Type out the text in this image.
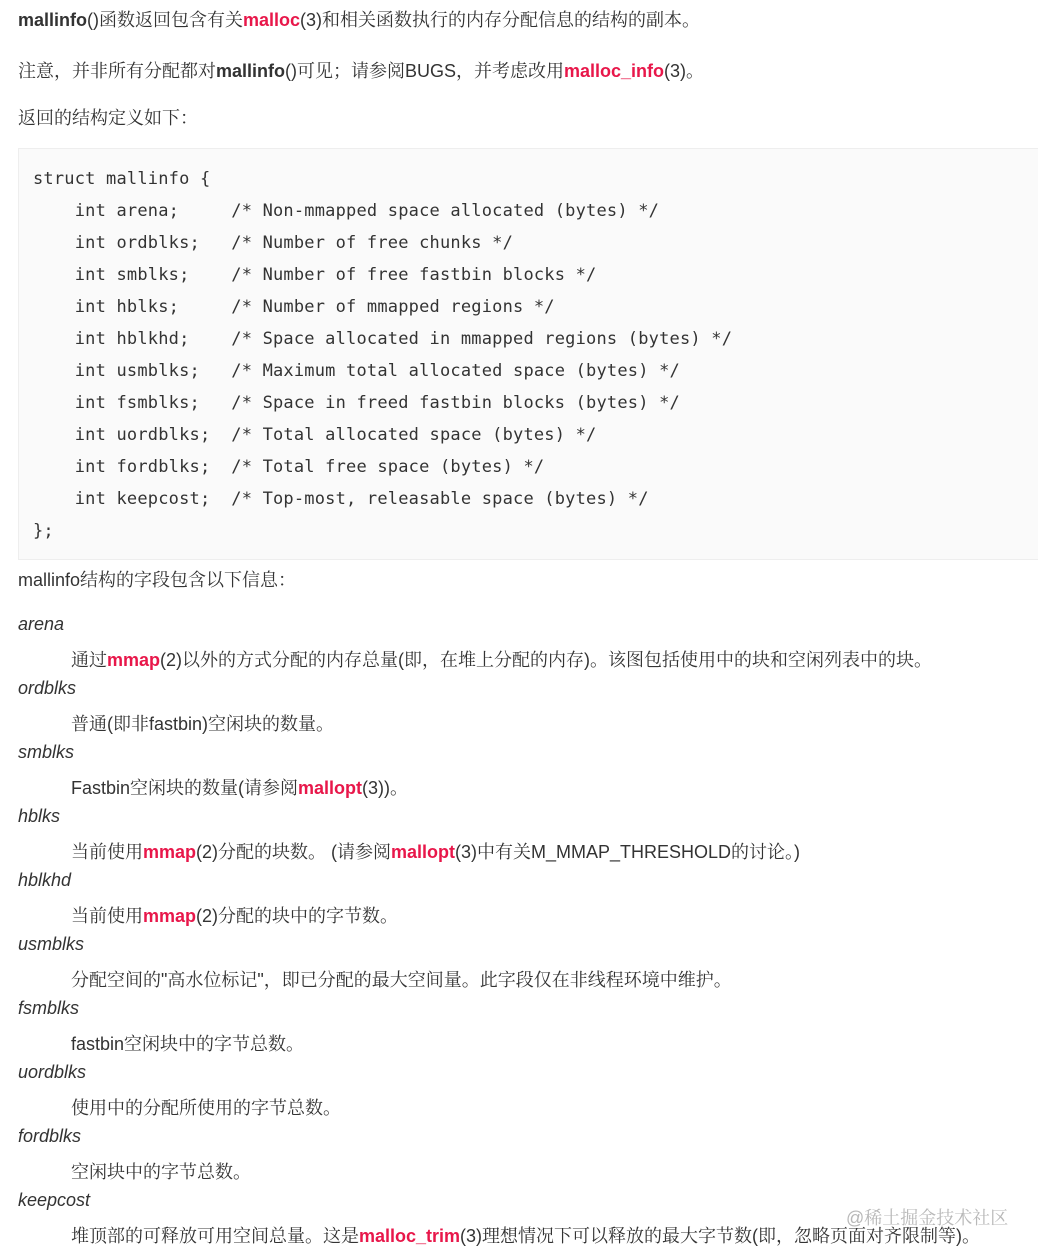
mallinfo()函数返回包含有关malloc(3)和相关函数执行的内存分配信息的结构的副本。
注意，并非所有分配都对mallinfo()可见；请参阅BUGS，并考虑改用malloc_info(3)。
返回的结构定义如下：
struct mallinfo {
int arena;     /* Non-mmapped space allocated (bytes) */
int ordblks;   /* Number of free chunks */
int smblks;    /* Number of free fastbin blocks */
int hblks;     /* Number of mmapped regions */
int hblkhd;    /* Space allocated in mmapped regions (bytes) */
int usmblks;   /* Maximum total allocated space (bytes) */
int fsmblks;   /* Space in freed fastbin blocks (bytes) */
int uordblks;  /* Total allocated space (bytes) */
int fordblks;  /* Total free space (bytes) */
int keepcost;  /* Top-most, releasable space (bytes) */
};
mallinfo结构的字段包含以下信息：
arena
通过mmap(2)以外的方式分配的内存总量(即，在堆上分配的内存)。该图包括使用中的块和空闲列表中的块。
ordblks
普通(即非fastbin)空闲块的数量。
smblks
Fastbin空闲块的数量(请参阅mallopt(3))。
hblks
当前使用mmap(2)分配的块数。 (请参阅mallopt(3)中有关M_MMAP_THRESHOLD的讨论。)
hblkhd
当前使用mmap(2)分配的块中的字节数。
usmblks
分配空间的"高水位标记"，即已分配的最大空间量。此字段仅在非线程环境中维护。
fsmblks
fastbin空闲块中的字节总数。
uordblks
使用中的分配所使用的字节总数。
fordblks
空闲块中的字节总数。
keepcost
堆顶部的可释放可用空间总量。这是malloc_trim(3)理想情况下可以释放的最大字节数(即，忽略页面对齐限制等)。
@稀土掘金技术社区
